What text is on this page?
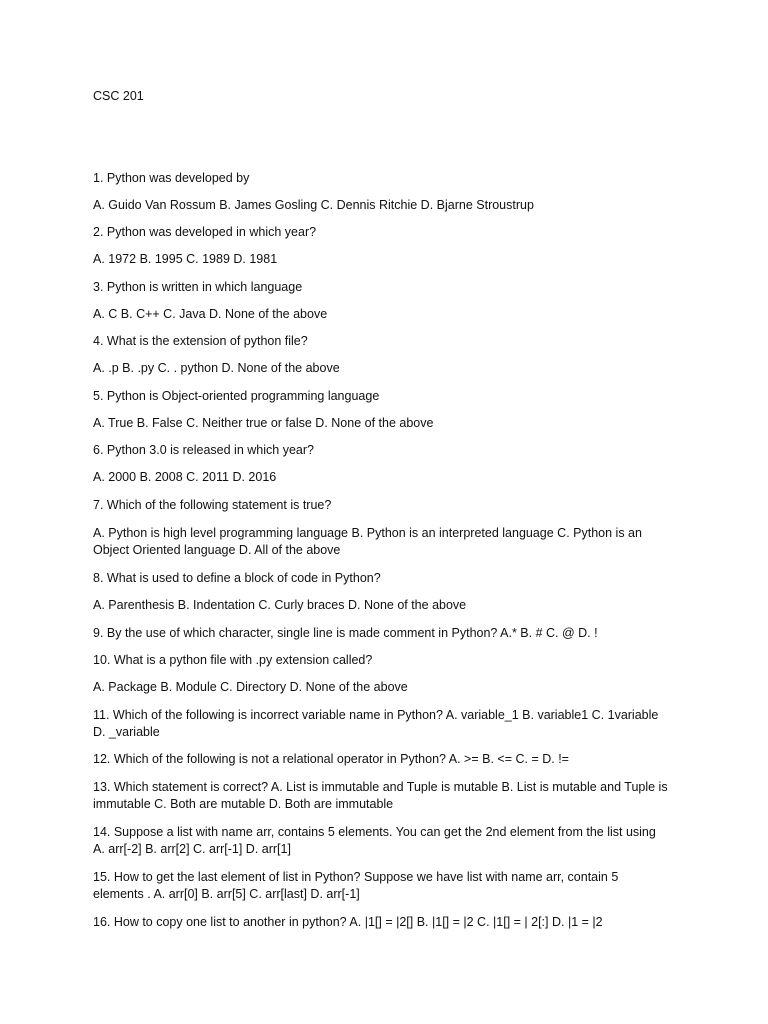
CSC 201
1. Python was developed by
A. Guido Van Rossum B. James Gosling C. Dennis Ritchie D. Bjarne Stroustrup
2. Python was developed in which year?
A. 1972 B. 1995 C. 1989 D. 1981
3. Python is written in which language
A. C B. C++ C. Java D. None of the above
4. What is the extension of python file?
A. .p B. .py C. . python D. None of the above
5. Python is Object-oriented programming language
A. True B. False C. Neither true or false D. None of the above
6. Python 3.0 is released in which year?
A. 2000 B. 2008 C. 2011 D. 2016
7. Which of the following statement is true?
A. Python is high level programming language B. Python is an interpreted language C. Python is an Object Oriented language D. All of the above
8. What is used to define a block of code in Python?
A. Parenthesis B. Indentation C. Curly braces D. None of the above
9. By the use of which character, single line is made comment in Python? A.* B. # C. @ D. !
10. What is a python file with .py extension called?
A. Package B. Module C. Directory D. None of the above
11. Which of the following is incorrect variable name in Python? A. variable_1 B. variable1 C. 1variable D. _variable
12. Which of the following is not a relational operator in Python? A. >= B. <= C. = D. !=
13. Which statement is correct? A. List is immutable and Tuple is mutable B. List is mutable and Tuple is immutable C. Both are mutable D. Both are immutable
14. Suppose a list with name arr, contains 5 elements. You can get the 2nd element from the list using A. arr[-2] B. arr[2] C. arr[-1] D. arr[1]
15. How to get the last element of list in Python? Suppose we have list with name arr, contain 5 elements . A. arr[0] B. arr[5] C. arr[last] D. arr[-1]
16. How to copy one list to another in python? A. |1[] = |2[] B. |1[] = |2 C. |1[] = | 2[:] D. |1 = |2
